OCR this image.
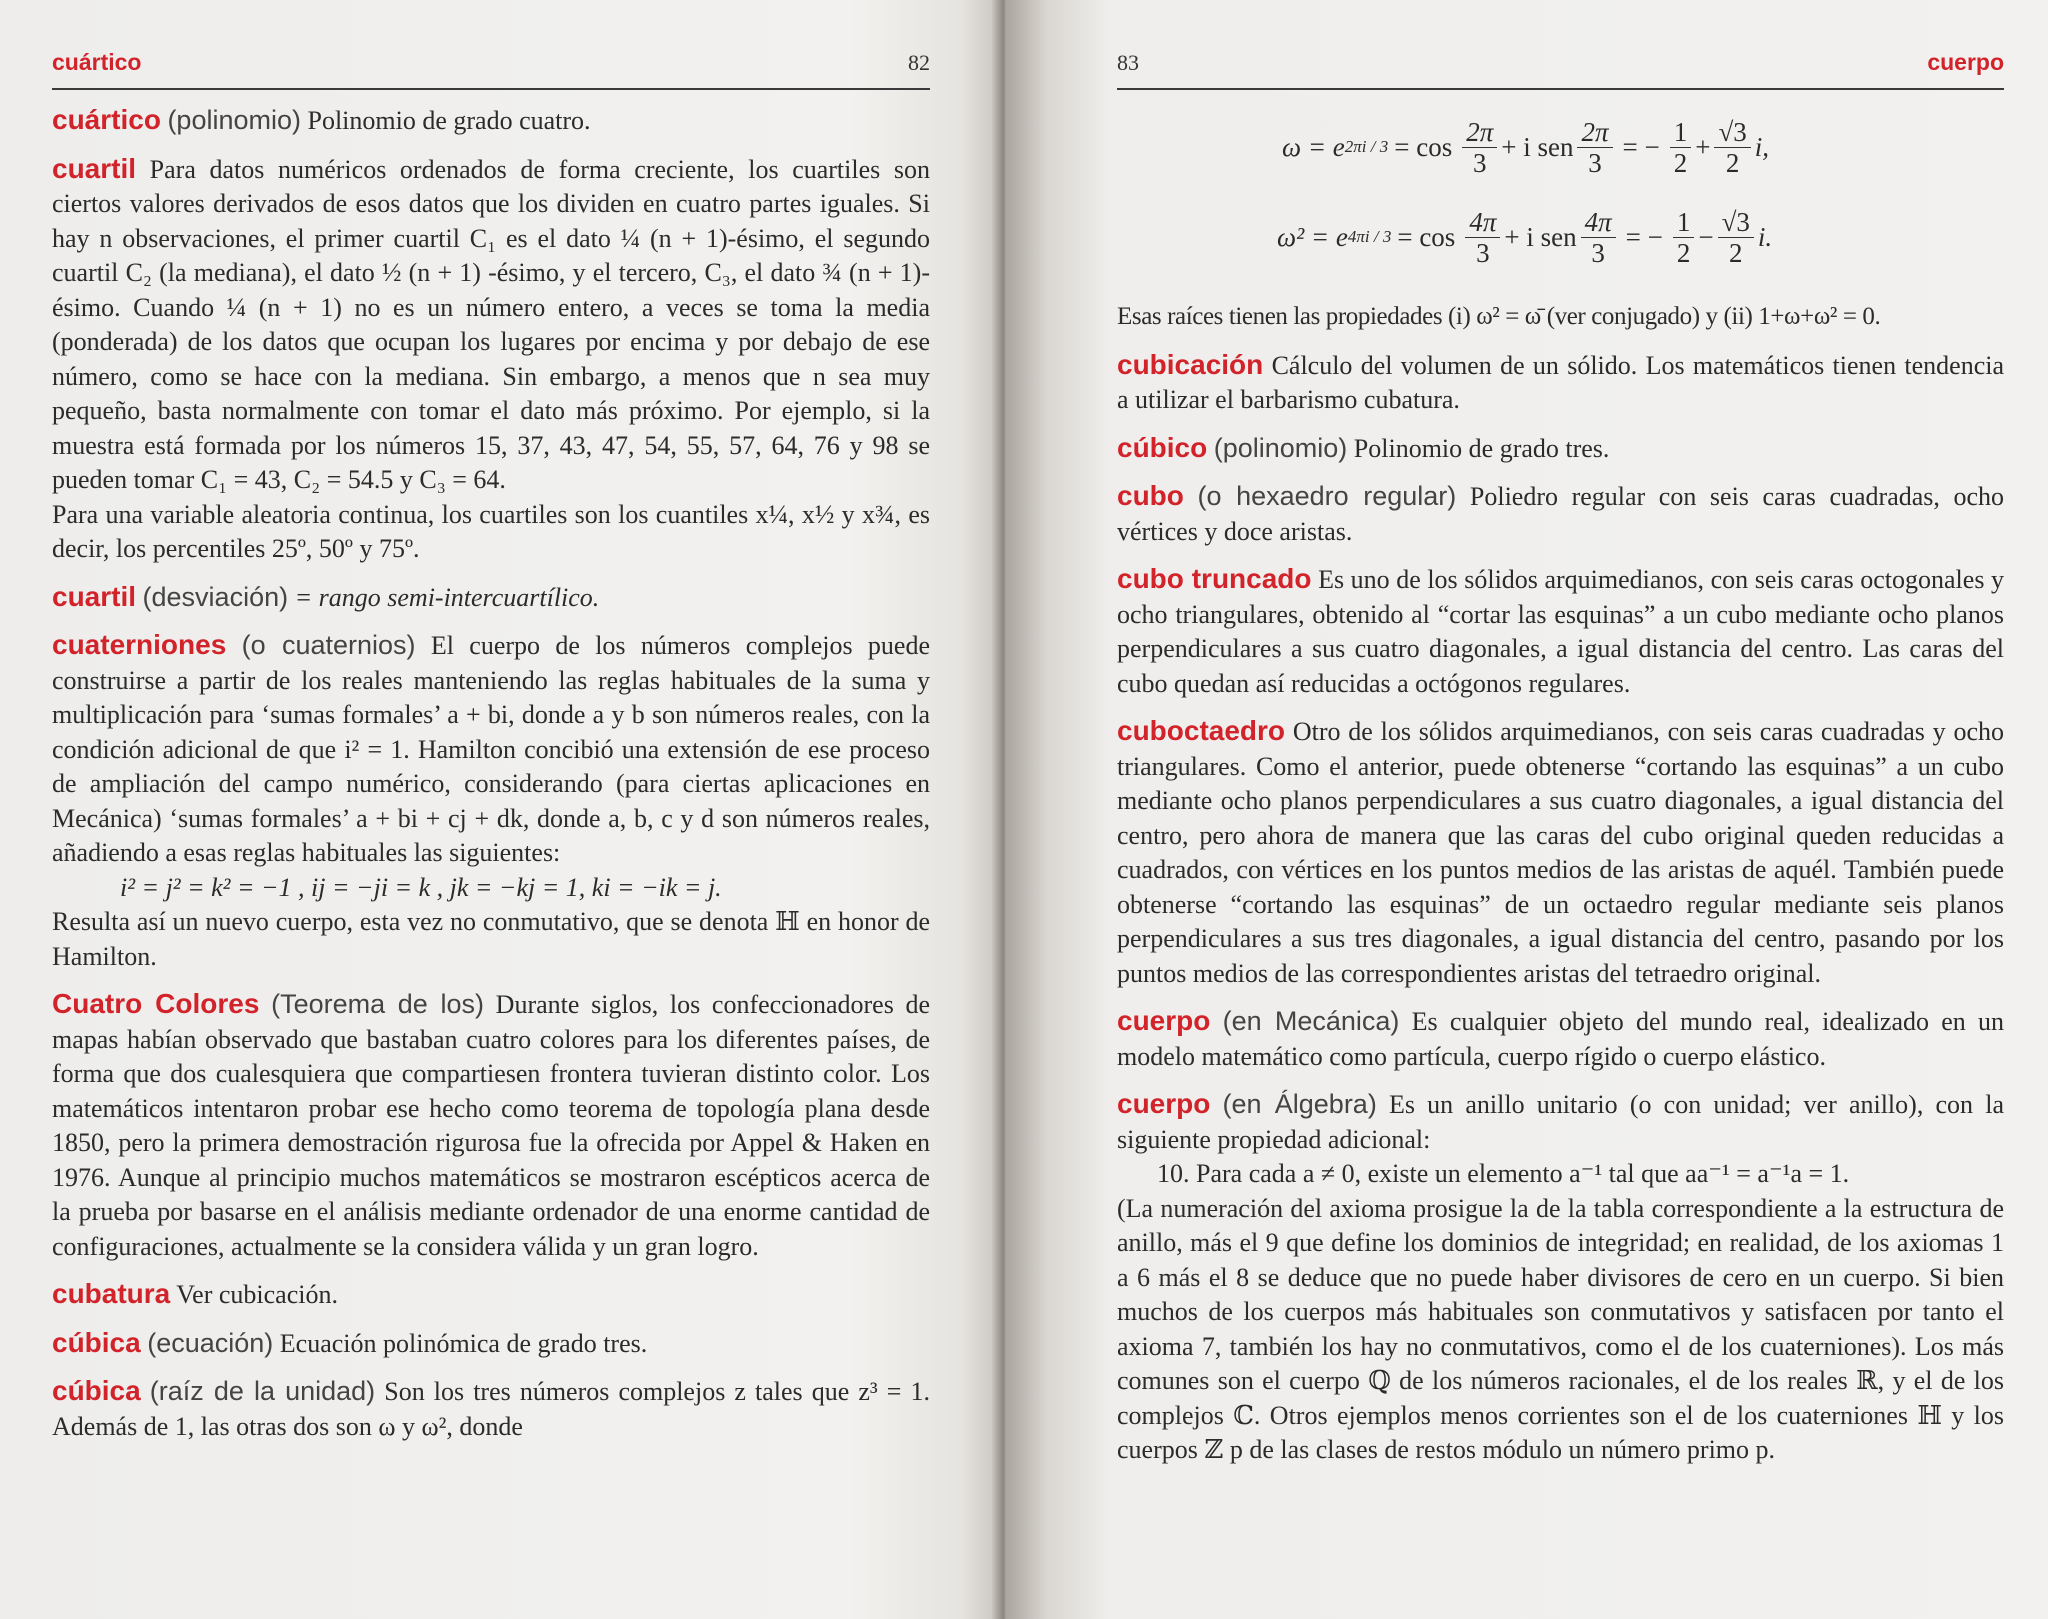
cuártico	82
cuártico (polinomio) Polinomio de grado cuatro.
cuartil Para datos numéricos ordenados de forma creciente, los cuartiles son ciertos valores derivados de esos datos que los dividen en cuatro partes iguales. Si hay n observaciones, el primer cuartil C₁ es el dato ¼ (n + 1)-ésimo, el segundo cuartil C₂ (la mediana), el dato ½ (n + 1) -ésimo, y el tercero, C₃, el dato ¾ (n + 1)-ésimo. Cuando ¼ (n + 1) no es un número entero, a veces se toma la media (ponderada) de los datos que ocupan los lugares por encima y por debajo de ese número, como se hace con la mediana. Sin embargo, a menos que n sea muy pequeño, basta normalmente con tomar el dato más próximo. Por ejemplo, si la muestra está formada por los números 15, 37, 43, 47, 54, 55, 57, 64, 76 y 98 se pueden tomar C₁ = 43, C₂ = 54.5 y C₃ = 64.
Para una variable aleatoria continua, los cuartiles son los cuantiles x¼, x½ y x¾, es decir, los percentiles 25º, 50º y 75º.
cuartil (desviación) = rango semi-intercuartílico.
cuaterniones (o cuaternios) El cuerpo de los números complejos puede construirse a partir de los reales manteniendo las reglas habituales de la suma y multiplicación para ‘sumas formales’ a + bi, donde a y b son números reales, con la condición adicional de que i² = 1. Hamilton concibió una extensión de ese proceso de ampliación del campo numérico, considerando (para ciertas aplicaciones en Mecánica) ‘sumas formales’ a + bi + cj + dk, donde a, b, c y d son números reales, añadiendo a esas reglas habituales las siguientes:
i² = j² = k² = −1 , ij = −ji = k , jk = −kj = 1, ki = −ik = j.
Resulta así un nuevo cuerpo, esta vez no conmutativo, que se denota ℍ en honor de Hamilton.
Cuatro Colores (Teorema de los) Durante siglos, los confeccionadores de mapas habían observado que bastaban cuatro colores para los diferentes países, de forma que dos cualesquiera que compartiesen frontera tuvieran distinto color. Los matemáticos intentaron probar ese hecho como teorema de topología plana desde 1850, pero la primera demostración rigurosa fue la ofrecida por Appel & Haken en 1976. Aunque al principio muchos matemáticos se mostraron escépticos acerca de la prueba por basarse en el análisis mediante ordenador de una enorme cantidad de configuraciones, actualmente se la considera válida y un gran logro.
cubatura Ver cubicación.
cúbica (ecuación) Ecuación polinómica de grado tres.
cúbica (raíz de la unidad) Son los tres números complejos z tales que z³ = 1. Además de 1, las otras dos son ω y ω², donde
83	cuerpo
ω = e $2\pi i / 3 = \cos \frac{2\pi}{3} + i$ sen $\frac{2\pi}{3}$ = − $\frac{1}{2} + \frac{√3}{2} i$,
ω² = e $4\pi i / 3 = \cos \frac{4\pi}{3} + i$ sen $\frac{4\pi}{3}$ = − $\frac{1}{2} - \frac{√3}{2} i$.
Esas raíces tienen las propiedades (i) ω² = ω̄ (ver conjugado) y (ii) 1+ω+ω² = 0.
cubicación Cálculo del volumen de un sólido. Los matemáticos tienen tendencia a utilizar el barbarismo cubatura.
cúbico (polinomio) Polinomio de grado tres.
cubo (o hexaedro regular) Poliedro regular con seis caras cuadradas, ocho vértices y doce aristas.
cubo truncado Es uno de los sólidos arquimedianos, con seis caras octogonales y ocho triangulares, obtenido al “cortar las esquinas” a un cubo mediante ocho planos perpendiculares a sus cuatro diagonales, a igual distancia del centro. Las caras del cubo quedan así reducidas a octógonos regulares.
cuboctaedro Otro de los sólidos arquimedianos, con seis caras cuadradas y ocho triangulares. Como el anterior, puede obtenerse “cortando las esquinas” a un cubo mediante ocho planos perpendiculares a sus cuatro diagonales, a igual distancia del centro, pero ahora de manera que las caras del cubo original queden reducidas a cuadrados, con vértices en los puntos medios de las aristas de aquél. También puede obtenerse “cortando las esquinas” de un octaedro regular mediante seis planos perpendiculares a sus tres diagonales, a igual distancia del centro, pasando por los puntos medios de las correspondientes aristas del tetraedro original.
cuerpo (en Mecánica) Es cualquier objeto del mundo real, idealizado en un modelo matemático como partícula, cuerpo rígido o cuerpo elástico.
cuerpo (en Álgebra) Es un anillo unitario (o con unidad; ver anillo), con la siguiente propiedad adicional:
10. Para cada a ≠ 0, existe un elemento a⁻¹ tal que aa⁻¹ = a⁻¹a = 1.
(La numeración del axioma prosigue la de la tabla correspondiente a la estructura de anillo, más el 9 que define los dominios de integridad; en realidad, de los axiomas 1 a 6 más el 8 se deduce que no puede haber divisores de cero en un cuerpo. Si bien muchos de los cuerpos más habituales son conmutativos y satisfacen por tanto el axioma 7, también los hay no conmutativos, como el de los cuaterniones). Los más comunes son el cuerpo ℚ de los números racionales, el de los reales ℝ, y el de los complejos ℂ. Otros ejemplos menos corrientes son el de los cuaterniones ℍ y los cuerpos ℤ p de las clases de restos módulo un número primo p.
